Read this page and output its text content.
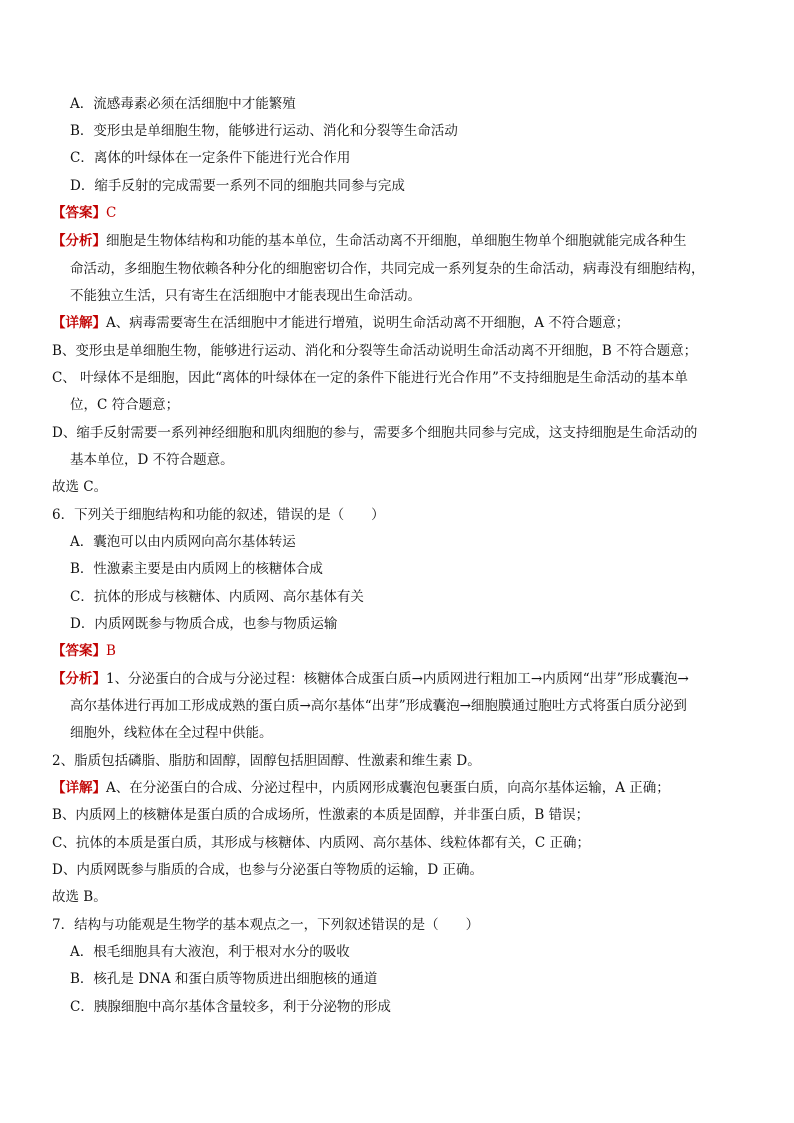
A．流感毒素必须在活细胞中才能繁殖
B．变形虫是单细胞生物，能够进行运动、消化和分裂等生命活动
C．离体的叶绿体在一定条件下能进行光合作用
D．缩手反射的完成需要一系列不同的细胞共同参与完成
【答案】C
【分析】细胞是生物体结构和功能的基本单位，生命活动离不开细胞，单细胞生物单个细胞就能完成各种生
命活动，多细胞生物依赖各种分化的细胞密切合作，共同完成一系列复杂的生命活动，病毒没有细胞结构，
不能独立生活，只有寄生在活细胞中才能表现出生命活动。
【详解】A、病毒需要寄生在活细胞中才能进行增殖，说明生命活动离不开细胞，A 不符合题意；
B、变形虫是单细胞生物，能够进行运动、消化和分裂等生命活动说明生命活动离不开细胞，B 不符合题意；
C、 叶绿体不是细胞，因此“离体的叶绿体在一定的条件下能进行光合作用”不支持细胞是生命活动的基本单
位，C 符合题意；
D、缩手反射需要一系列神经细胞和肌肉细胞的参与，需要多个细胞共同参与完成，这支持细胞是生命活动的
基本单位，D 不符合题意。
故选 C。
6．下列关于细胞结构和功能的叙述，错误的是（　　）
A．囊泡可以由内质网向高尔基体转运
B．性激素主要是由内质网上的核糖体合成
C．抗体的形成与核糖体、内质网、高尔基体有关
D．内质网既参与物质合成，也参与物质运输
【答案】B
【分析】1、分泌蛋白的合成与分泌过程：核糖体合成蛋白质→内质网进行粗加工→内质网“出芽”形成囊泡→
高尔基体进行再加工形成成熟的蛋白质→高尔基体“出芽”形成囊泡→细胞膜通过胞吐方式将蛋白质分泌到
细胞外，线粒体在全过程中供能。
2、脂质包括磷脂、脂肪和固醇，固醇包括胆固醇、性激素和维生素 D。
【详解】A、在分泌蛋白的合成、分泌过程中，内质网形成囊泡包裹蛋白质，向高尔基体运输，A 正确；
B、内质网上的核糖体是蛋白质的合成场所，性激素的本质是固醇，并非蛋白质，B 错误；
C、抗体的本质是蛋白质，其形成与核糖体、内质网、高尔基体、线粒体都有关，C 正确；
D、内质网既参与脂质的合成，也参与分泌蛋白等物质的运输，D 正确。
故选 B。
7．结构与功能观是生物学的基本观点之一，下列叙述错误的是（　　）
A．根毛细胞具有大液泡，利于根对水分的吸收
B．核孔是 DNA 和蛋白质等物质进出细胞核的通道
C．胰腺细胞中高尔基体含量较多，利于分泌物的形成
